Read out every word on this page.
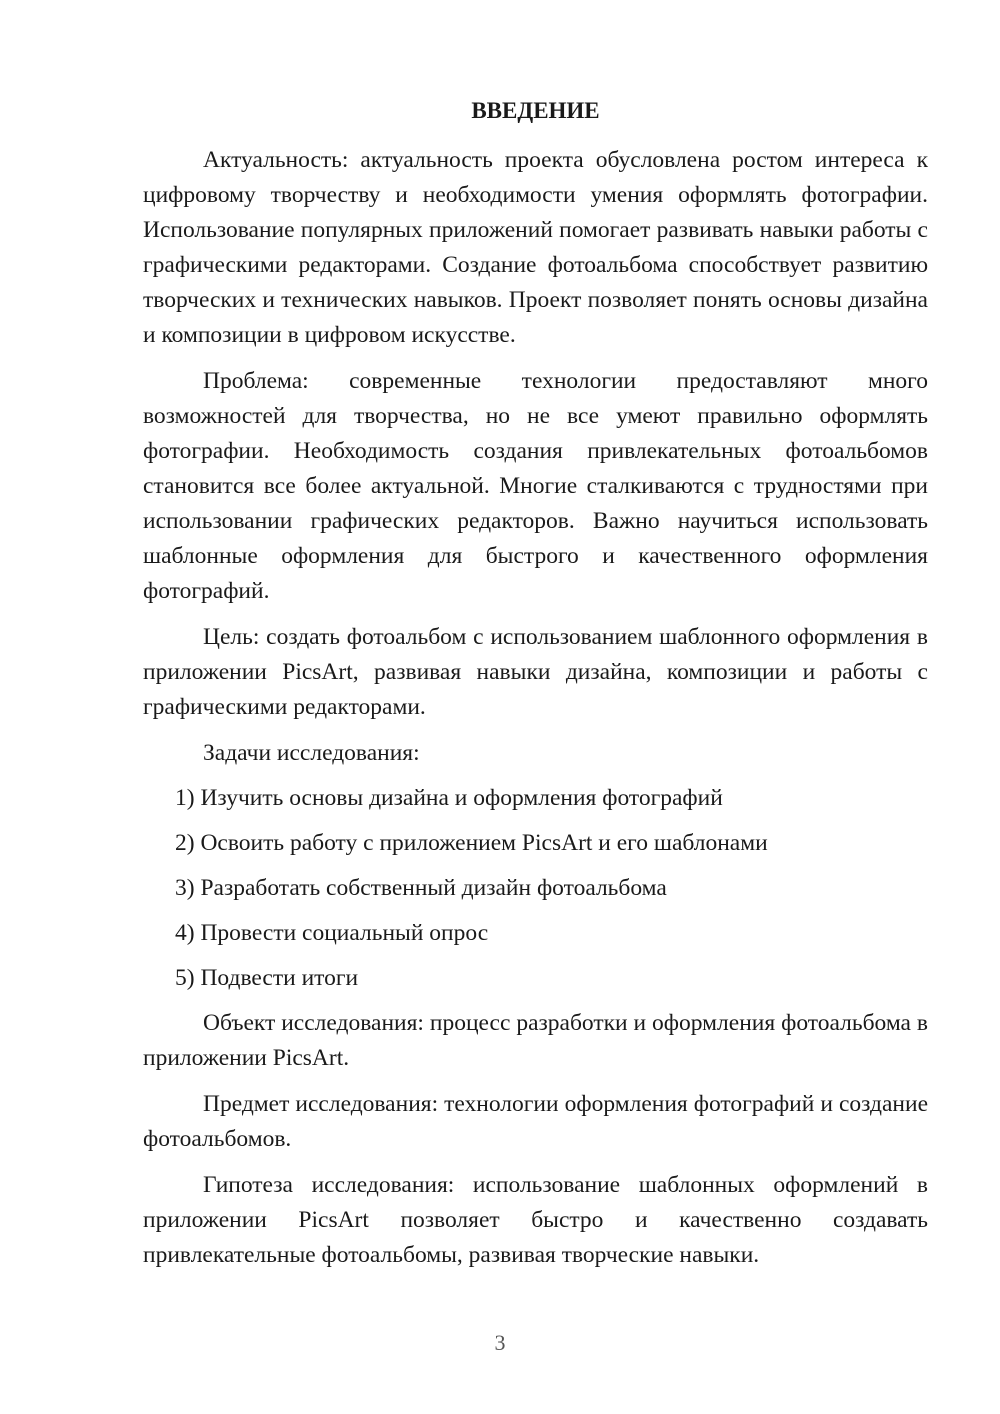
ВВЕДЕНИЕ

Актуальность: актуальность проекта обусловлена ростом интереса к цифровому творчеству и необходимости умения оформлять фотографии. Использование популярных приложений помогает развивать навыки работы с графическими редакторами. Создание фотоальбома способствует развитию творческих и технических навыков. Проект позволяет понять основы дизайна и композиции в цифровом искусстве.

Проблема: современные технологии предоставляют много возможностей для творчества, но не все умеют правильно оформлять фотографии. Необходимость создания привлекательных фотоальбомов становится все более актуальной. Многие сталкиваются с трудностями при использовании графических редакторов. Важно научиться использовать шаблонные оформления для быстрого и качественного оформления фотографий.

Цель: создать фотоальбом с использованием шаблонного оформления в приложении PicsArt, развивая навыки дизайна, композиции и работы с графическими редакторами.

Задачи исследования:
1) Изучить основы дизайна и оформления фотографий
2) Освоить работу с приложением PicsArt и его шаблонами
3) Разработать собственный дизайн фотоальбома
4) Провести социальный опрос
5) Подвести итоги

Объект исследования: процесс разработки и оформления фотоальбома в приложении PicsArt.

Предмет исследования: технологии оформления фотографий и создание фотоальбомов.

Гипотеза исследования: использование шаблонных оформлений в приложении PicsArt позволяет быстро и качественно создавать привлекательные фотоальбомы, развивая творческие навыки.

3
